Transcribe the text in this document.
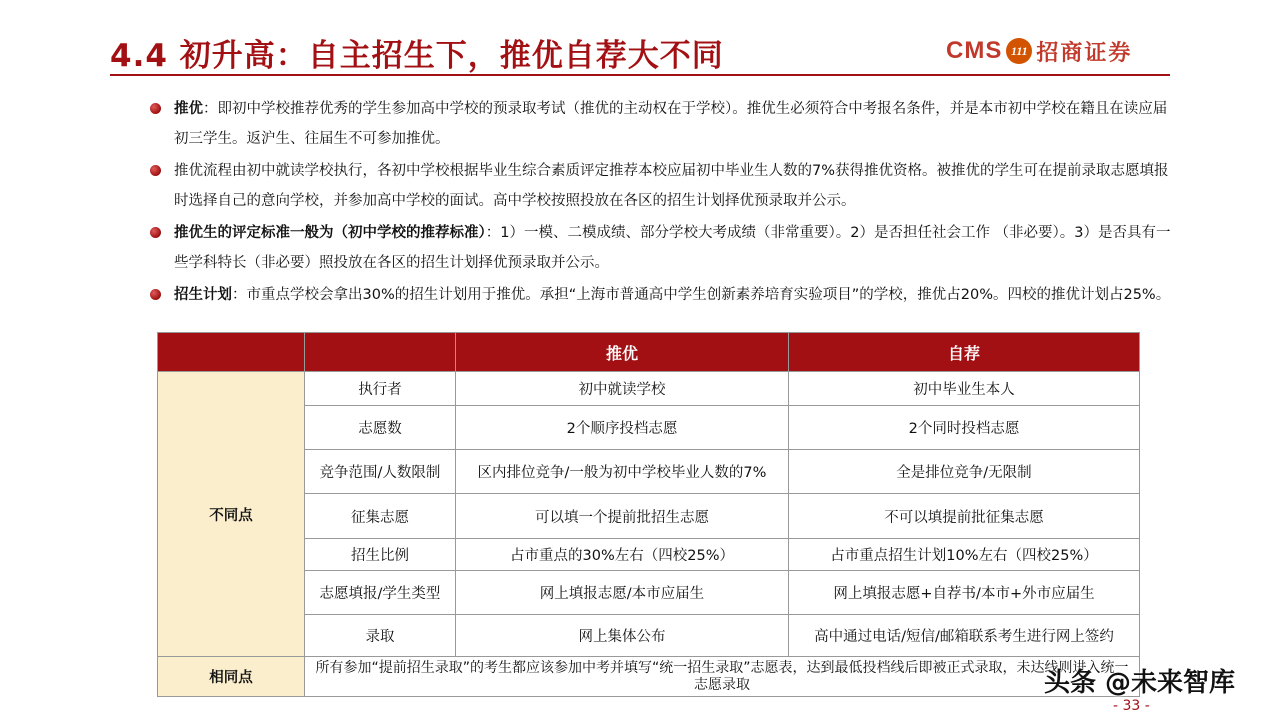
4.4 初升高：自主招生下，推优自荐大不同	CMS 111 招商证券
推优：即初中学校推荐优秀的学生参加高中学校的预录取考试（推优的主动权在于学校）。推优生必须符合中考报名条件，并是本市初中学校在籍且在读应届初三学生。返沪生、往届生不可参加推优。
推优流程由初中就读学校执行，各初中学校根据毕业生综合素质评定推荐本校应届初中毕业生人数的7%获得推优资格。被推优的学生可在提前录取志愿填报时选择自己的意向学校，并参加高中学校的面试。高中学校按照投放在各区的招生计划择优预录取并公示。
推优生的评定标准一般为（初中学校的推荐标准）：1）一模、二模成绩、部分学校大考成绩（非常重要）。2）是否担任社会工作 （非必要）。3）是否具有一些学科特长（非必要）照投放在各区的招生计划择优预录取并公示。
招生计划：市重点学校会拿出30%的招生计划用于推优。承担“上海市普通高中学生创新素养培育实验项目”的学校，推优占20%。四校的推优计划占25%。
		推优	自荐
不同点	执行者	初中就读学校	初中毕业生本人
	志愿数	2个顺序投档志愿	2个同时投档志愿
	竞争范围/人数限制	区内排位竞争/一般为初中学校毕业人数的7%	全是排位竞争/无限制
	征集志愿	可以填一个提前批招生志愿	不可以填提前批征集志愿
	招生比例	占市重点的30%左右（四校25%）	占市重点招生计划10%左右（四校25%）
	志愿填报/学生类型	网上填报志愿/本市应届生	网上填报志愿+自荐书/本市+外市应届生
	录取	网上集体公布	高中通过电话/短信/邮箱联系考生进行网上签约
相同点	所有参加“提前招生录取”的考生都应该参加中考并填写“统一招生录取”志愿表，达到最低投档线后即被正式录取，未达线则进入统一志愿录取			头条 @未来智库
- 33 -
